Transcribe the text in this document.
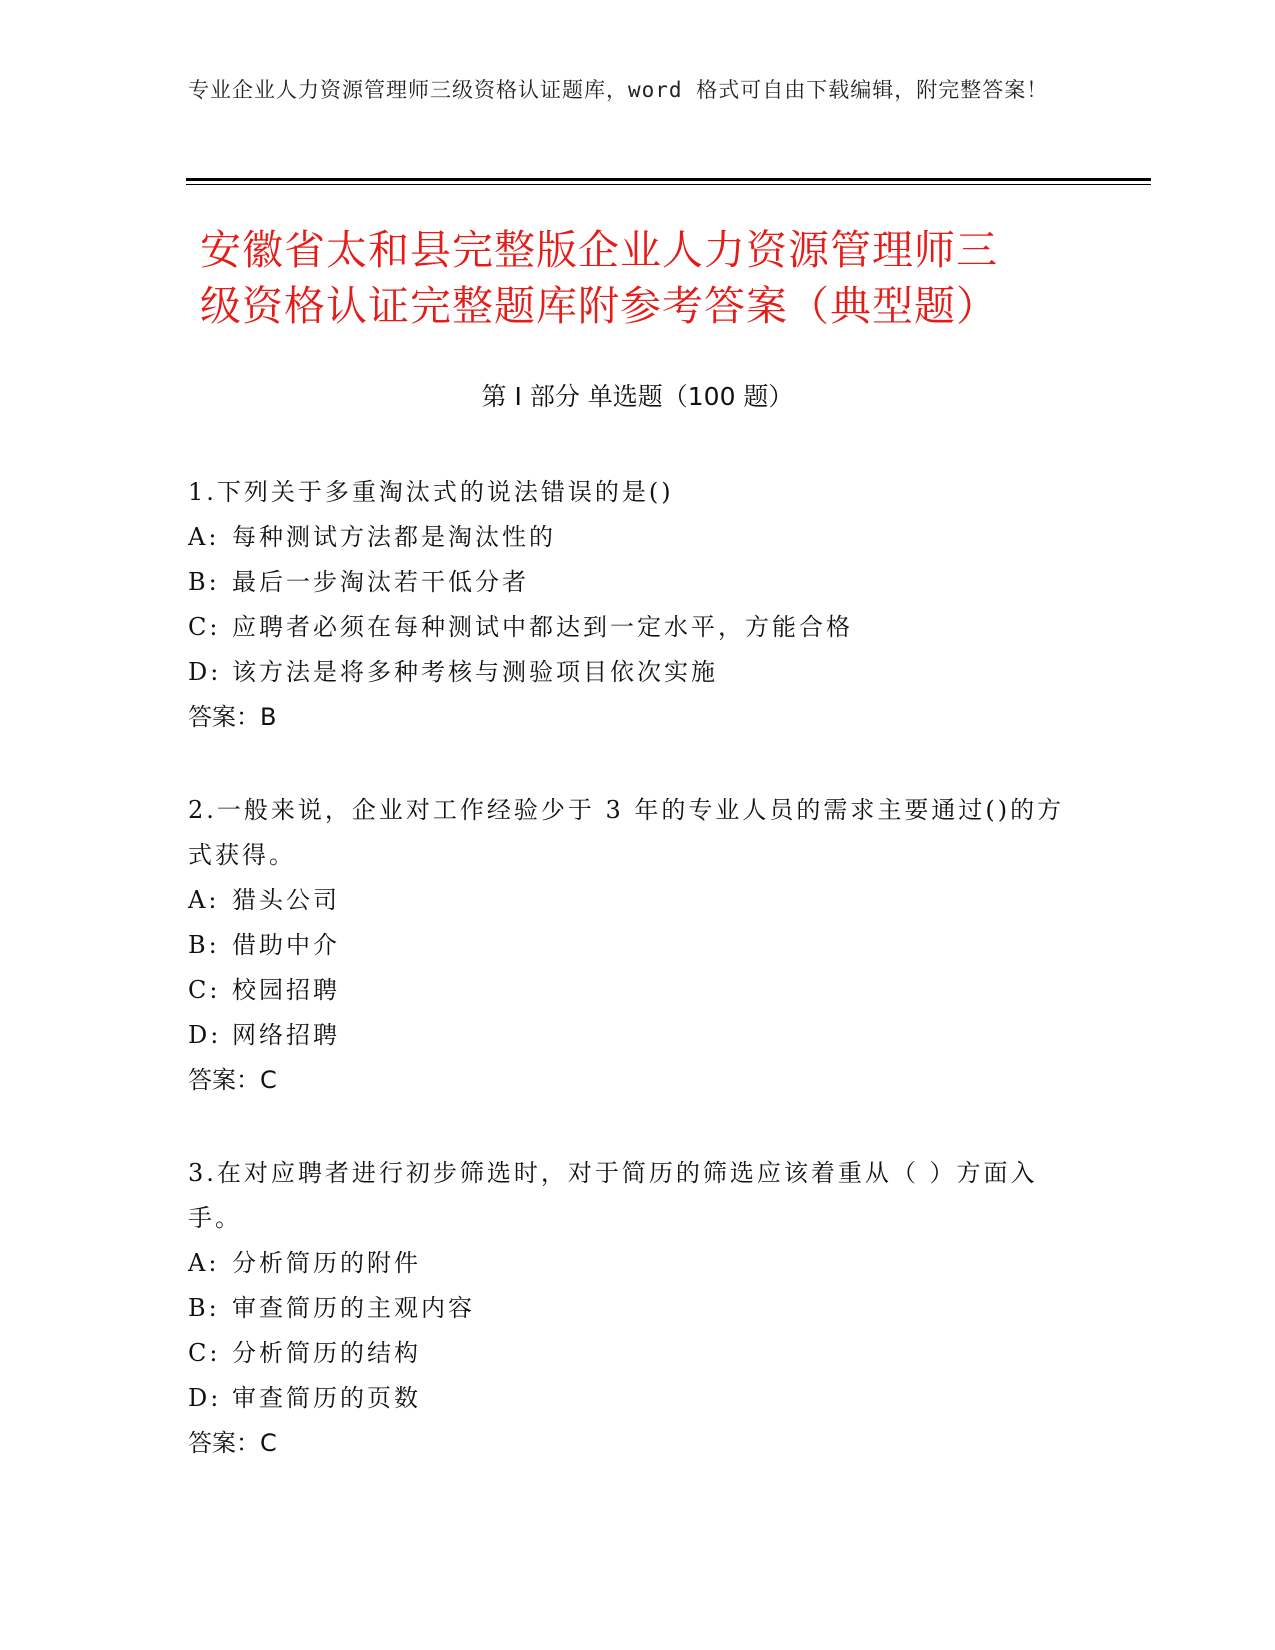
专业企业人力资源管理师三级资格认证题库，word 格式可自由下载编辑，附完整答案！
安徽省太和县完整版企业人力资源管理师三
级资格认证完整题库附参考答案（典型题）
第 I 部分 单选题（100 题）
1.下列关于多重淘汰式的说法错误的是()
A: 每种测试方法都是淘汰性的
B: 最后一步淘汰若干低分者
C: 应聘者必须在每种测试中都达到一定水平，方能合格
D: 该方法是将多种考核与测验项目依次实施
答案：B
2.一般来说，企业对工作经验少于 3 年的专业人员的需求主要通过()的方式获得。
A: 猎头公司
B: 借助中介
C: 校园招聘
D: 网络招聘
答案：C
3.在对应聘者进行初步筛选时，对于简历的筛选应该着重从（ ）方面入手。
A: 分析简历的附件
B: 审查简历的主观内容
C: 分析简历的结构
D: 审查简历的页数
答案：C
